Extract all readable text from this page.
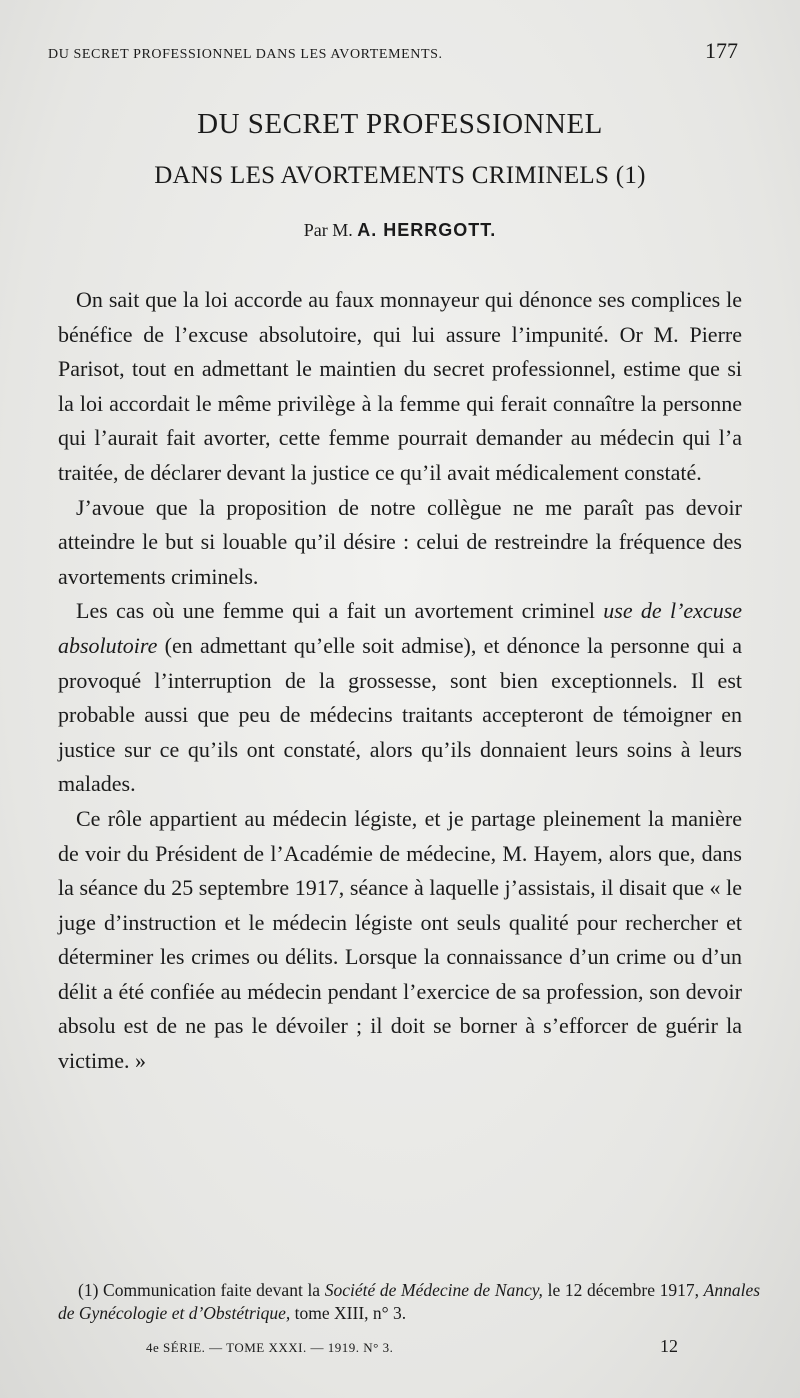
DU SECRET PROFESSIONNEL DANS LES AVORTEMENTS.	177
DU SECRET PROFESSIONNEL
DANS LES AVORTEMENTS CRIMINELS (1)
Par M. A. HERRGOTT.

On sait que la loi accorde au faux monnayeur qui dénonce ses complices le bénéfice de l’excuse absolutoire, qui lui assure l’impunité. Or M. Pierre Parisot, tout en admettant le maintien du secret professionnel, estime que si la loi accordait le même privilège à la femme qui ferait connaître la personne qui l’aurait fait avorter, cette femme pourrait demander au médecin qui l’a traitée, de déclarer devant la justice ce qu’il avait médicalement constaté.

J’avoue que la proposition de notre collègue ne me paraît pas devoir atteindre le but si louable qu’il désire : celui de restreindre la fréquence des avortements criminels.

Les cas où une femme qui a fait un avortement criminel use de l’excuse absolutoire (en admettant qu’elle soit admise), et dénonce la personne qui a provoqué l’interruption de la grossesse, sont bien exceptionnels. Il est probable aussi que peu de médecins traitants accepteront de témoigner en justice sur ce qu’ils ont constaté, alors qu’ils donnaient leurs soins à leurs malades.

Ce rôle appartient au médecin légiste, et je partage pleinement la manière de voir du Président de l’Académie de médecine, M. Hayem, alors que, dans la séance du 25 septembre 1917, séance à laquelle j’assistais, il disait que « le juge d’instruction et le médecin légiste ont seuls qualité pour rechercher et déterminer les crimes ou délits. Lorsque la connaissance d’un crime ou d’un délit a été confiée au médecin pendant l’exercice de sa profession, son devoir absolu est de ne pas le dévoiler ; il doit se borner à s’efforcer de guérir la victime. »

(1) Communication faite devant la Société de Médecine de Nancy, le 12 décembre 1917, Annales de Gynécologie et d’Obstétrique, tome XIII, n° 3.

4e SÉRIE. — TOME XXXI. — 1919. N° 3.	12
